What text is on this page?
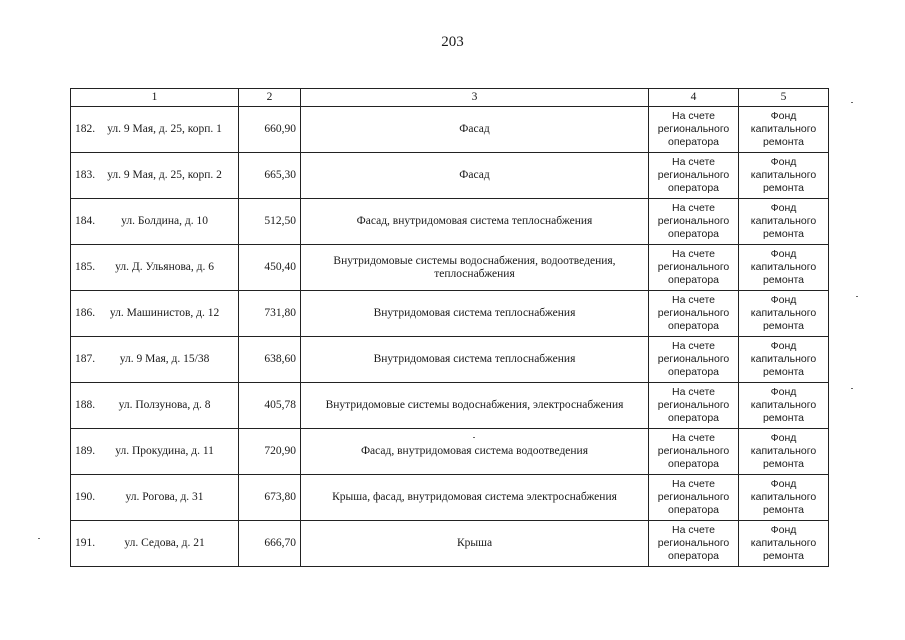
203
1	2	3	4	5

182. ул. 9 Мая, д. 25, корп. 1	660,90	Фасад	На счете регионального оператора	Фонд капитального ремонта

183. ул. 9 Мая, д. 25, корп. 2	665,30	Фасад	На счете регионального оператора	Фонд капитального ремонта

184. ул. Болдина, д. 10	512,50	Фасад, внутридомовая система теплоснабжения	На счете регионального оператора	Фонд капитального ремонта

185. ул. Д. Ульянова, д. 6	450,40	Внутридомовые системы водоснабжения, водоотведения, теплоснабжения	На счете регионального оператора	Фонд капитального ремонта

186. ул. Машинистов, д. 12	731,80	Внутридомовая система теплоснабжения	На счете регионального оператора	Фонд капитального ремонта

187. ул. 9 Мая, д. 15/38	638,60	Внутридомовая система теплоснабжения	На счете регионального оператора	Фонд капитального ремонта

188. ул. Ползунова, д. 8	405,78	Внутридомовые системы водоснабжения, электроснабжения	На счете регионального оператора	Фонд капитального ремонта

189. ул. Прокудина, д. 11	720,90	Фасад, внутридомовая система водоотведения	На счете регионального оператора	Фонд капитального ремонта

190. ул. Рогова, д. 31	673,80	Крыша, фасад, внутридомовая система электроснабжения	На счете регионального оператора	Фонд капитального ремонта

191. ул. Седова, д. 21	666,70	Крыша	На счете регионального оператора	Фонд капитального ремонта
